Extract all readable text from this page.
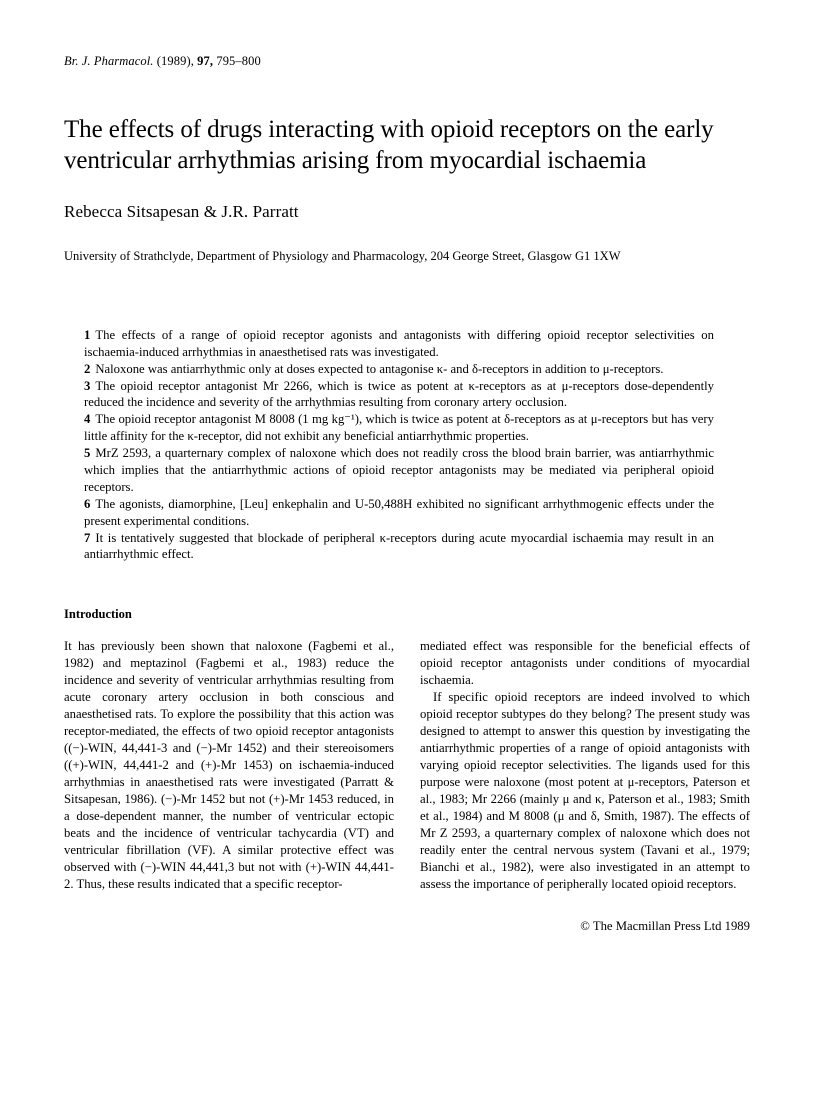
Br. J. Pharmacol. (1989), 97, 795–800
The effects of drugs interacting with opioid receptors on the early ventricular arrhythmias arising from myocardial ischaemia
Rebecca Sitsapesan & J.R. Parratt
University of Strathclyde, Department of Physiology and Pharmacology, 204 George Street, Glasgow G1 1XW

1 The effects of a range of opioid receptor agonists and antagonists with differing opioid receptor selectivities on ischaemia-induced arrhythmias in anaesthetised rats was investigated.

2 Naloxone was antiarrhythmic only at doses expected to antagonise κ- and δ-receptors in addition to μ-receptors.

3 The opioid receptor antagonist Mr 2266, which is twice as potent at κ-receptors as at μ-receptors dose-dependently reduced the incidence and severity of the arrhythmias resulting from coronary artery occlusion.

4 The opioid receptor antagonist M 8008 (1 mg kg⁻¹), which is twice as potent at δ-receptors as at μ-receptors but has very little affinity for the κ-receptor, did not exhibit any beneficial antiarrhythmic properties.

5 MrZ 2593, a quarternary complex of naloxone which does not readily cross the blood brain barrier, was antiarrhythmic which implies that the antiarrhythmic actions of opioid receptor antagonists may be mediated via peripheral opioid receptors.

6 The agonists, diamorphine, [Leu] enkephalin and U-50,488H exhibited no significant arrhythmogenic effects under the present experimental conditions.

7 It is tentatively suggested that blockade of peripheral κ-receptors during acute myocardial ischaemia may result in an antiarrhythmic effect.

Introduction

It has previously been shown that naloxone (Fagbemi et al., 1982) and meptazinol (Fagbemi et al., 1983) reduce the incidence and severity of ventricular arrhythmias resulting from acute coronary artery occlusion in both conscious and anaesthetised rats. To explore the possibility that this action was receptor-mediated, the effects of two opioid receptor antagonists ((−)-WIN, 44,441-3 and (−)-Mr 1452) and their stereoisomers ((+)-WIN, 44,441-2 and (+)-Mr 1453) on ischaemia-induced arrhythmias in anaesthetised rats were investigated (Parratt & Sitsapesan, 1986). (−)-Mr 1452 but not (+)-Mr 1453 reduced, in a dose-dependent manner, the number of ventricular ectopic beats and the incidence of ventricular tachycardia (VT) and ventricular fibrillation (VF). A similar protective effect was observed with (−)-WIN 44,441,3 but not with (+)-WIN 44,441-2. Thus, these results indicated that a specific receptor-

mediated effect was responsible for the beneficial effects of opioid receptor antagonists under conditions of myocardial ischaemia.

If specific opioid receptors are indeed involved to which opioid receptor subtypes do they belong? The present study was designed to attempt to answer this question by investigating the antiarrhythmic properties of a range of opioid antagonists with varying opioid receptor selectivities. The ligands used for this purpose were naloxone (most potent at μ-receptors, Paterson et al., 1983; Mr 2266 (mainly μ and κ, Paterson et al., 1983; Smith et al., 1984) and M 8008 (μ and δ, Smith, 1987). The effects of Mr Z 2593, a quarternary complex of naloxone which does not readily enter the central nervous system (Tavani et al., 1979; Bianchi et al., 1982), were also investigated in an attempt to assess the importance of peripherally located opioid receptors.

© The Macmillan Press Ltd 1989
